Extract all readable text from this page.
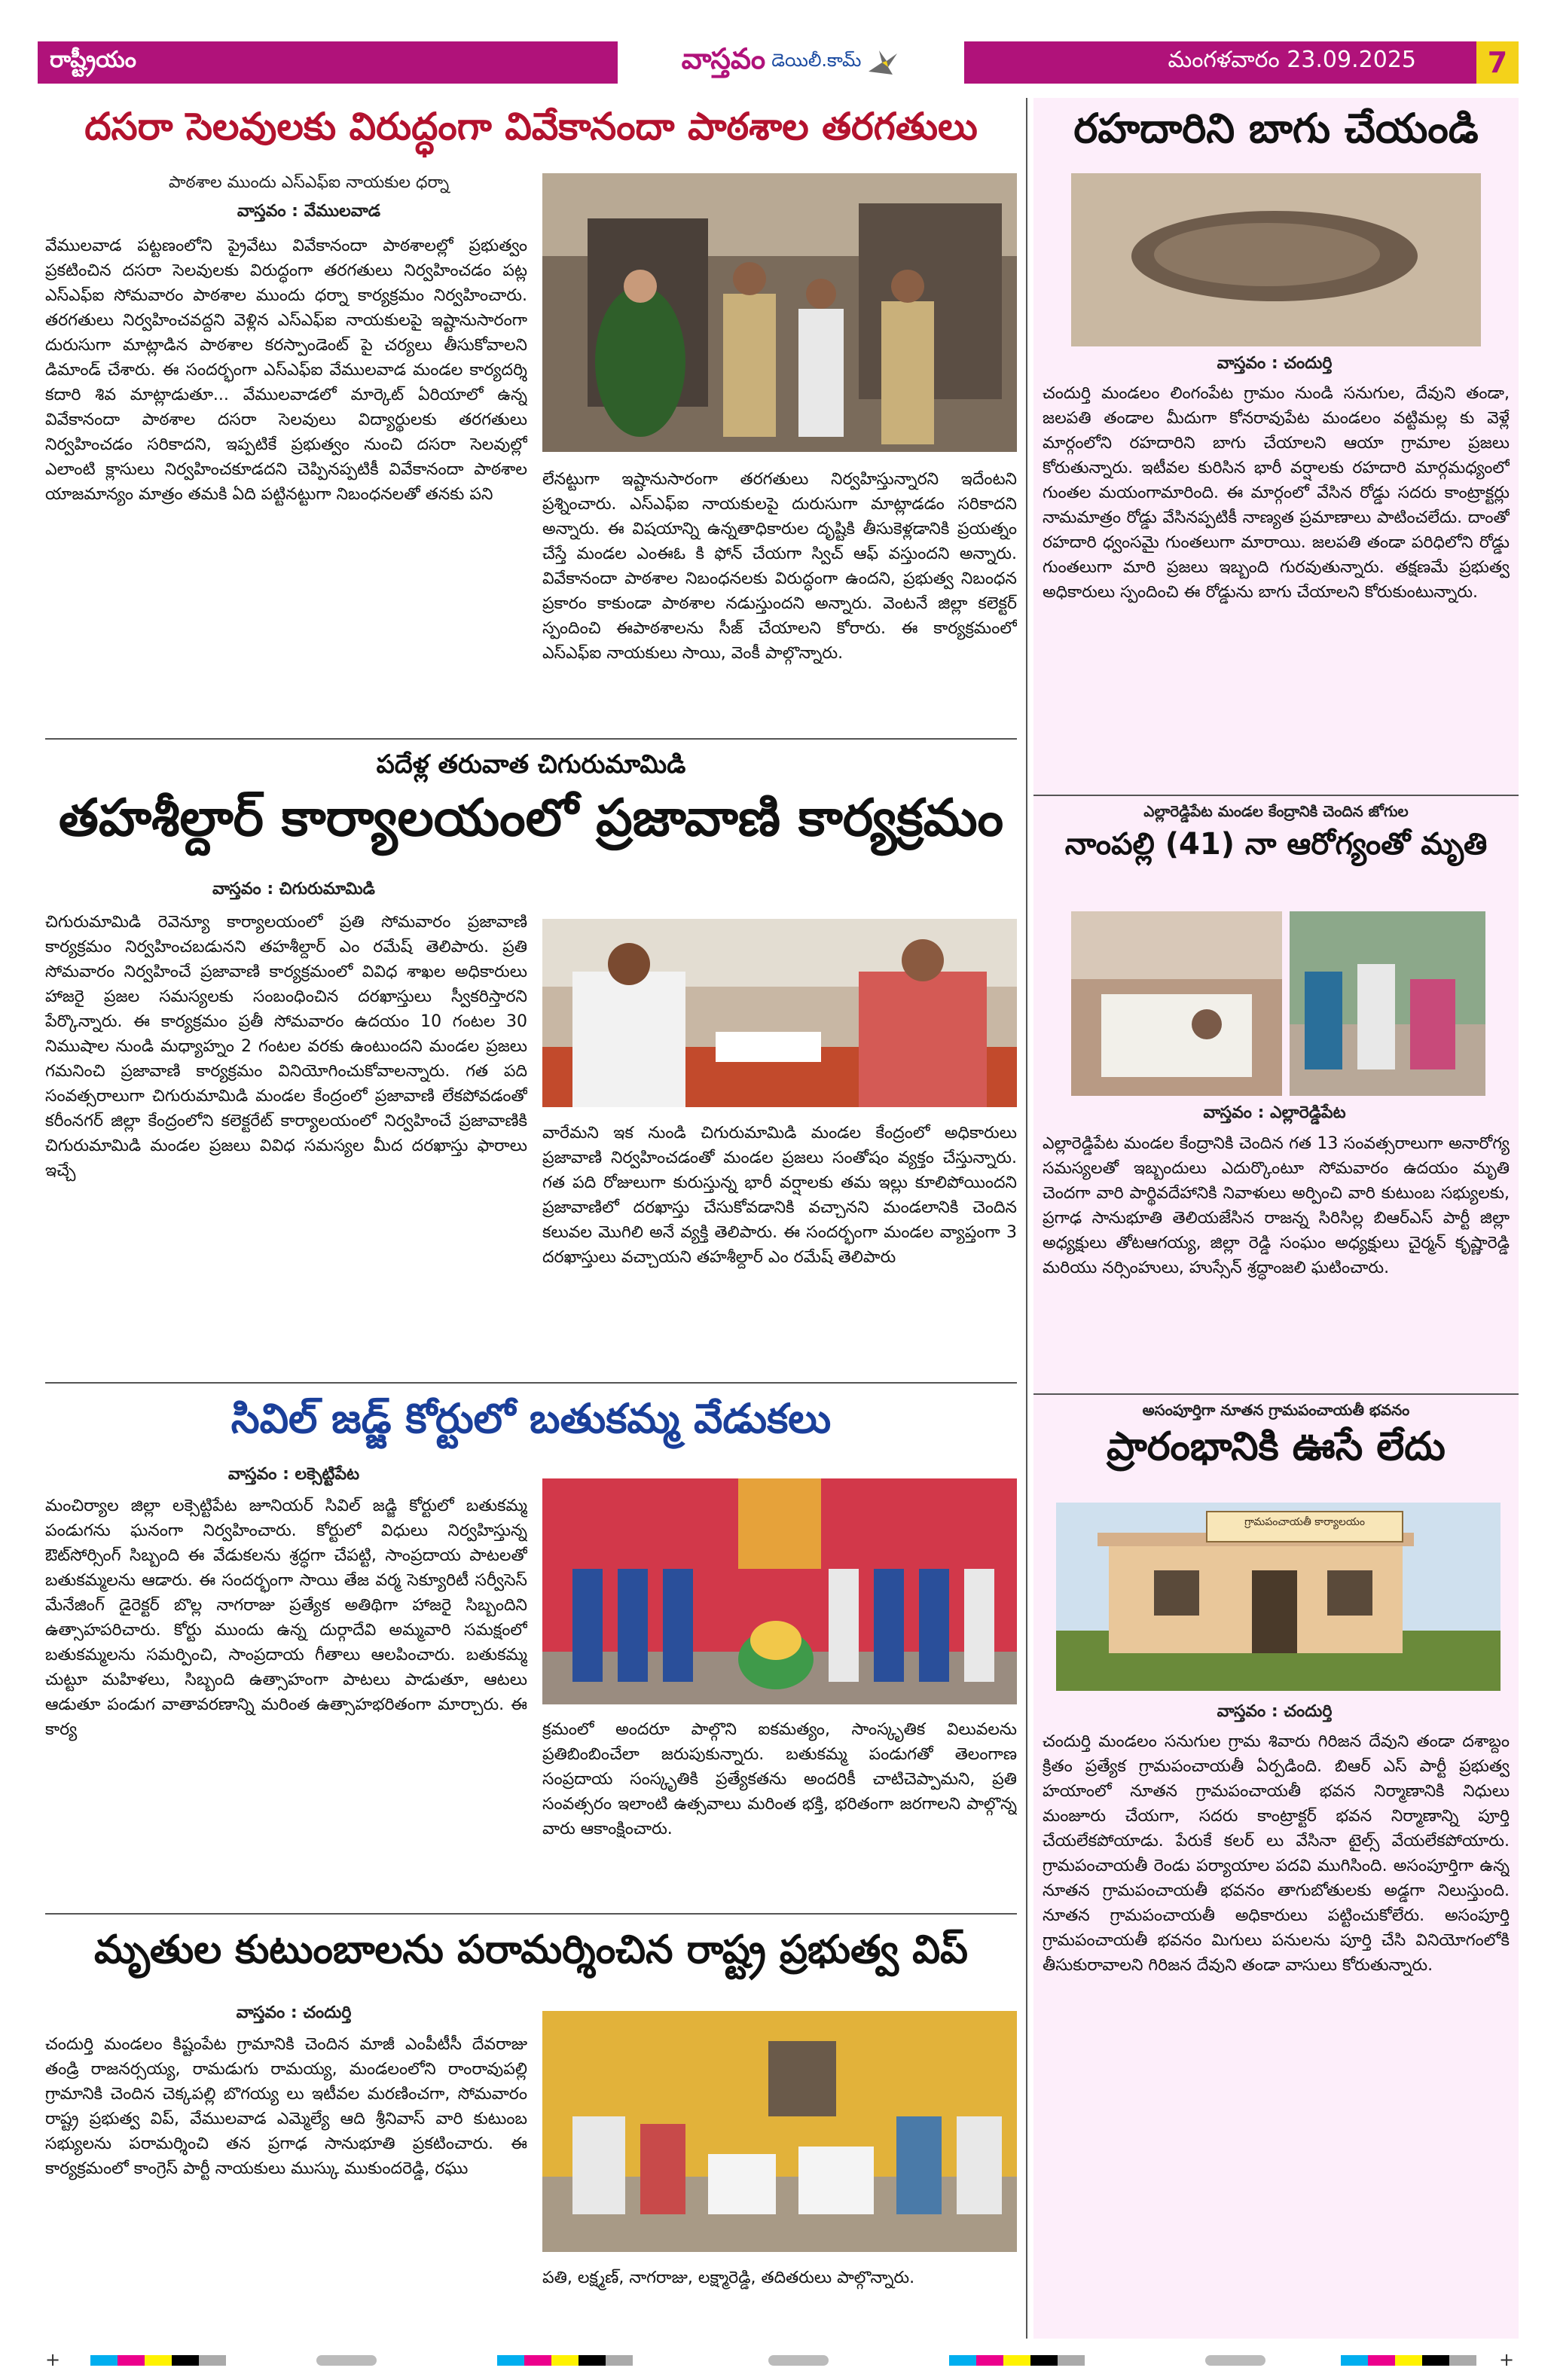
రాష్ట్రీయం	వాస్తవం డెయిలీ.కామ్	మంగళవారం 23.09.2025	7
దసరా సెలవులకు విరుద్ధంగా వివేకానందా పాఠశాల తరగతులు
పాఠశాల ముందు ఎస్ఎఫ్ఐ నాయకుల ధర్నా
వాస్తవం : వేములవాడ
వేములవాడ పట్టణంలోని ప్రైవేటు వివేకానందా పాఠశాలల్లో ప్రభుత్వం ప్రకటించిన దసరా సెలవులకు విరుద్ధంగా తరగతులు నిర్వహించడం పట్ల ఎస్ఎఫ్ఐ సోమవారం పాఠశాల ముందు ధర్నా కార్యక్రమం నిర్వహించారు. తరగతులు నిర్వహించవద్దని వెళ్లిన ఎస్ఎఫ్ఐ నాయకులపై ఇష్టానుసారంగా దురుసుగా మాట్లాడిన పాఠశాల కరస్పాండెంట్ పై చర్యలు తీసుకోవాలని డిమాండ్ చేశారు. ఈ సందర్భంగా ఎస్ఎఫ్ఐ వేములవాడ మండల కార్యదర్శి కదారి శివ మాట్లాడుతూ... వేములవాడలో మార్కెట్ ఏరియాలో ఉన్న వివేకానందా పాఠశాల దసరా సెలవులు విద్యార్థులకు తరగతులు నిర్వహించడం సరికాదని, ఇప్పటికే ప్రభుత్వం నుంచి దసరా సెలవుల్లో ఎలాంటి క్లాసులు నిర్వహించకూడదని చెప్పినప్పటికీ వివేకానందా పాఠశాల యాజమాన్యం మాత్రం తమకి ఏది పట్టినట్టుగా నిబంధనలతో తనకు పని
లేనట్టుగా ఇష్టానుసారంగా తరగతులు నిర్వహిస్తున్నారని ఇదేంటని ప్రశ్నించారు. ఎస్ఎఫ్ఐ నాయకులపై దురుసుగా మాట్లాడడం సరికాదని అన్నారు. ఈ విషయాన్ని ఉన్నతాధికారుల దృష్టికి తీసుకెళ్లడానికి ప్రయత్నం చేస్తే మండల ఎంఈఓ కి ఫోన్ చేయగా స్విచ్ ఆఫ్ వస్తుందని అన్నారు. వివేకానందా పాఠశాల నిబంధనలకు విరుద్ధంగా ఉందని, ప్రభుత్వ నిబంధన ప్రకారం కాకుండా పాఠశాల నడుస్తుందని అన్నారు. వెంటనే జిల్లా కలెక్టర్ స్పందించి ఈపాఠశాలను సీజ్ చేయాలని కోరారు. ఈ కార్యక్రమంలో ఎస్ఎఫ్ఐ నాయకులు సాయి, వెంకీ పాల్గొన్నారు.
పదేళ్ల తరువాత చిగురుమామిడి
తహశీల్దార్ కార్యాలయంలో ప్రజావాణి కార్యక్రమం
వాస్తవం : చిగురుమామిడి
చిగురుమామిడి రెవెన్యూ కార్యాలయంలో ప్రతి సోమవారం ప్రజావాణి కార్యక్రమం నిర్వహించబడునని తహశీల్దార్ ఎం రమేష్ తెలిపారు. ప్రతి సోమవారం నిర్వహించే ప్రజావాణి కార్యక్రమంలో వివిధ శాఖల అధికారులు హాజరై ప్రజల సమస్యలకు సంబంధించిన దరఖాస్తులు స్వీకరిస్తారని పేర్కొన్నారు. ఈ కార్యక్రమం ప్రతీ సోమవారం ఉదయం 10 గంటల 30 నిముషాల నుండి మధ్యాహ్నం 2 గంటల వరకు ఉంటుందని మండల ప్రజలు గమనించి ప్రజావాణి కార్యక్రమం వినియోగించుకోవాలన్నారు. గత పది సంవత్సరాలుగా చిగురుమామిడి మండల కేంద్రంలో ప్రజావాణి లేకపోవడంతో కరీంనగర్ జిల్లా కేంద్రంలోని కలెక్టరేట్ కార్యాలయంలో నిర్వహించే ప్రజావాణికి చిగురుమామిడి మండల ప్రజలు వివిధ సమస్యల మీద దరఖాస్తు ఫారాలు ఇచ్చే
వారేమని ఇక నుండి చిగురుమామిడి మండల కేంద్రంలో అధికారులు ప్రజావాణి నిర్వహించడంతో మండల ప్రజలు సంతోషం వ్యక్తం చేస్తున్నారు. గత పది రోజులుగా కురుస్తున్న భారీ వర్షాలకు తమ ఇల్లు కూలిపోయిందని ప్రజావాణిలో దరఖాస్తు చేసుకోవడానికి వచ్చానని మండలానికి చెందిన కలువల మొగిలి అనే వ్యక్తి తెలిపారు. ఈ సందర్భంగా మండల వ్యాప్తంగా 3 దరఖాస్తులు వచ్చాయని తహశీల్దార్ ఎం రమేష్ తెలిపారు
సివిల్ జడ్జ్ కోర్టులో బతుకమ్మ వేడుకలు
వాస్తవం : లక్సెట్టిపేట
మంచిర్యాల జిల్లా లక్సెట్టిపేట జూనియర్ సివిల్ జడ్జి కోర్టులో బతుకమ్మ పండుగను ఘనంగా నిర్వహించారు. కోర్టులో విధులు నిర్వహిస్తున్న ఔట్‌సోర్సింగ్ సిబ్బంది ఈ వేడుకలను శ్రద్ధగా చేపట్టి, సాంప్రదాయ పాటలతో బతుకమ్మలను ఆడారు. ఈ సందర్భంగా సాయి తేజ వర్మ సెక్యూరిటీ సర్వీసెస్ మేనేజింగ్ డైరెక్టర్ బొల్ల నాగరాజు ప్రత్యేక అతిథిగా హాజరై సిబ్బందిని ఉత్సాహపరిచారు. కోర్టు ముందు ఉన్న దుర్గాదేవి అమ్మవారి సమక్షంలో బతుకమ్మలను సమర్పించి, సాంప్రదాయ గీతాలు ఆలపించారు. బతుకమ్మ చుట్టూ మహిళలు, సిబ్బంది ఉత్సాహంగా పాటలు పాడుతూ, ఆటలు ఆడుతూ పండుగ వాతావరణాన్ని మరింత ఉత్సాహభరితంగా మార్చారు. ఈ కార్య	క్రమంలో అందరూ పాల్గొని ఐకమత్యం, సాంస్కృతిక విలువలను ప్రతిబింబించేలా జరుపుకున్నారు. బతుకమ్మ పండుగతో తెలంగాణ సంప్రదాయ సంస్కృతికి ప్రత్యేకతను అందరికీ చాటిచెప్పామని, ప్రతి సంవత్సరం ఇలాంటి ఉత్సవాలు మరింత భక్తి, భరితంగా జరగాలని పాల్గొన్న వారు ఆకాంక్షించారు.
మృతుల కుటుంబాలను పరామర్శించిన రాష్ట్ర ప్రభుత్వ విప్
వాస్తవం : చందుర్తి
చందుర్తి మండలం కిష్టంపేట గ్రామానికి చెందిన మాజీ ఎంపీటీసీ దేవరాజు తండ్రి రాజనర్సయ్య, రామడుగు రామయ్య, మండలంలోని రాంరావుపల్లి గ్రామానికి చెందిన చెక్కపల్లి బొగయ్య లు ఇటీవల మరణించగా, సోమవారం రాష్ట్ర ప్రభుత్వ విప్, వేములవాడ ఎమ్మెల్యే ఆది శ్రీనివాస్ వారి కుటుంబ సభ్యులను పరామర్శించి తన ప్రగాఢ సానుభూతి ప్రకటించారు. ఈ కార్యక్రమంలో కాంగ్రెస్ పార్టీ నాయకులు ముస్కు ముకుందరెడ్డి, రఘు
పతి, లక్ష్మణ్, నాగరాజు, లక్ష్మారెడ్డి, తదితరులు పాల్గొన్నారు.
రహదారిని బాగు చేయండి
వాస్తవం : చందుర్తి
చందుర్తి మండలం లింగంపేట గ్రామం నుండి సనుగుల, దేవుని తండా, జలపతి తండాల మీదుగా కోనరావుపేట మండలం వట్టిమల్ల కు వెళ్లే మార్గంలోని రహదారిని బాగు చేయాలని ఆయా గ్రామాల ప్రజలు కోరుతున్నారు. ఇటీవల కురిసిన భారీ వర్షాలకు రహదారి మార్గమధ్యంలో గుంతల మయంగామారింది. ఈ మార్గంలో వేసిన రోడ్డు సదరు కాంట్రాక్టర్లు నామమాత్రం రోడ్డు వేసినప్పటికీ నాణ్యత ప్రమాణాలు పాటించలేదు. దాంతో రహదారి ధ్వంసమై గుంతలుగా మారాయి. జలపతి తండా పరిధిలోని రోడ్డు గుంతలుగా మారి ప్రజలు ఇబ్బంది గురవుతున్నారు. తక్షణమే ప్రభుత్వ అధికారులు స్పందించి ఈ రోడ్డును బాగు చేయాలని కోరుకుంటున్నారు.
ఎల్లారెడ్డిపేట మండల కేంద్రానికి చెందిన జోగుల
నాంపల్లి (41) నా ఆరోగ్యంతో మృతి
వాస్తవం : ఎల్లారెడ్డిపేట
ఎల్లారెడ్డిపేట మండల కేంద్రానికి చెందిన గత 13 సంవత్సరాలుగా అనారోగ్య సమస్యలతో ఇబ్బందులు ఎదుర్కొంటూ సోమవారం ఉదయం మృతి చెందగా వారి పార్థివదేహానికి నివాళులు అర్పించి వారి కుటుంబ సభ్యులకు, ప్రగాఢ సానుభూతి తెలియజేసిన రాజన్న సిరిసిల్ల బిఆర్ఎస్ పార్టీ జిల్లా అధ్యక్షులు తోటఆగయ్య, జిల్లా రెడ్డి సంఘం అధ్యక్షులు చైర్మన్ కృష్ణారెడ్డి మరియు నర్సింహులు, హుస్సేన్ శ్రద్ధాంజలి ఘటించారు.
అసంపూర్తిగా నూతన గ్రామపంచాయతీ భవనం
ప్రారంభానికి ఊసే లేదు
గ్రామపంచాయతీ కార్యాలయం
వాస్తవం : చందుర్తి
చందుర్తి మండలం సనుగుల గ్రామ శివారు గిరిజన దేవుని తండా దశాబ్దం క్రితం ప్రత్యేక గ్రామపంచాయతీ ఏర్పడింది. బిఆర్ ఎస్ పార్టీ ప్రభుత్వ హయాంలో నూతన గ్రామపంచాయతీ భవన నిర్మాణానికి నిధులు మంజూరు చేయగా, సదరు కాంట్రాక్టర్ భవన నిర్మాణాన్ని పూర్తి చేయలేకపోయాడు. పేరుకే కలర్ లు వేసినా టైల్స్ వేయలేకపోయారు. గ్రామపంచాయతీ రెండు పర్యాయాల పదవి ముగిసింది. అసంపూర్తిగా ఉన్న నూతన గ్రామపంచాయతీ భవనం తాగుబోతులకు అడ్డగా నిలుస్తుంది. నూతన గ్రామపంచాయతీ అధికారులు పట్టించుకోలేరు. అసంపూర్తి గ్రామపంచాయతీ భవనం మిగులు పనులను పూర్తి చేసి వినియోగంలోకి తీసుకురావాలని గిరిజన దేవుని తండా వాసులు కోరుతున్నారు.
+	+
